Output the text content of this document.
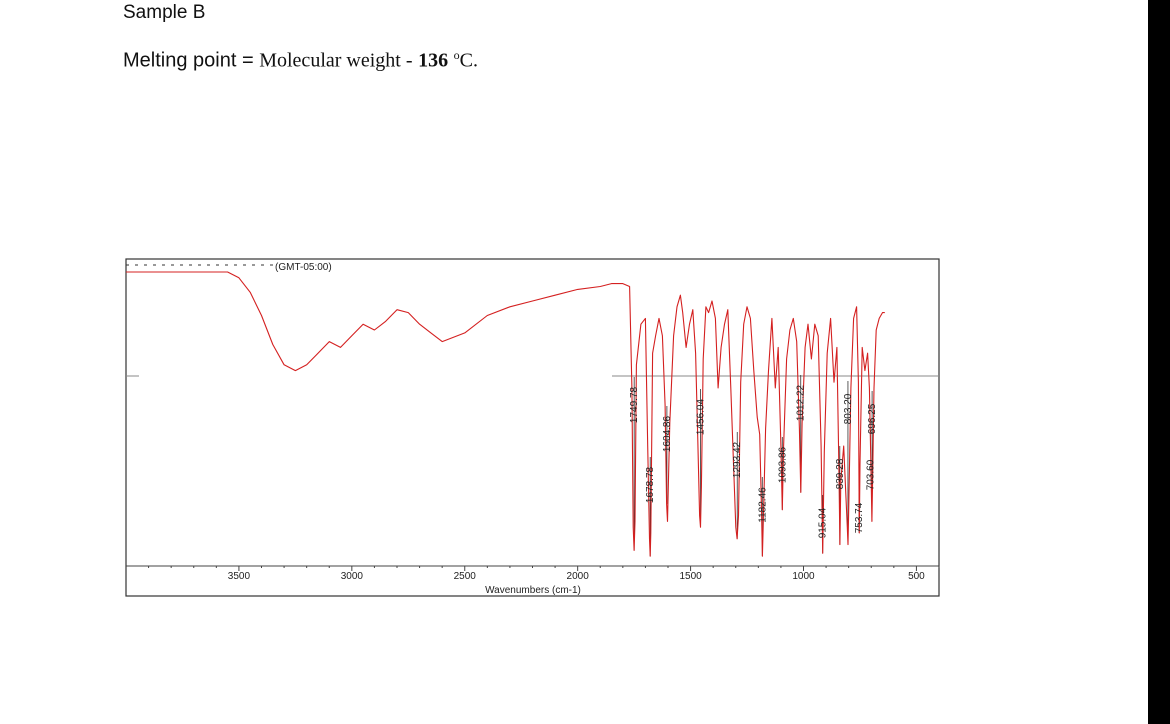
Sample B
Melting point = Molecular weight - 136 $^o$C.
(GMT-05:00)
3500	3000	2500	2000	1500	1000	500
1749.78
1678.78
1604.86 1456.04
1293.42
1182.46
1093.86
1012.22
915.04
839.28
803.20
753.74
703.60
696.25
Wavenumbers (cm-1)
